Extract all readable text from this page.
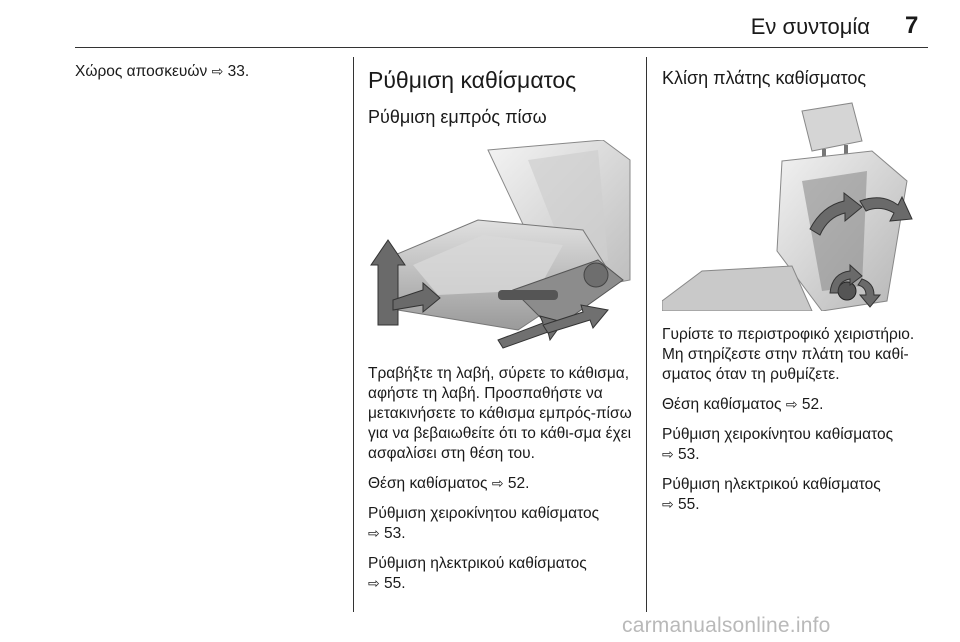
Εν συντομία 7

Χώρος αποσκευών ⇨ 33.	Ρύθμιση καθίσματος
Ρύθμιση εμπρός πίσω

Τραβήξτε τη λαβή, σύρετε το κάθισμα, αφήστε τη λαβή. Προσπαθήστε να μετακινήσετε το κάθισμα εμπρός-πίσω για να βεβαιωθείτε ότι το κάθι-σμα έχει ασφαλίσει στη θέση του.

Θέση καθίσματος ⇨ 52.

Ρύθμιση χειροκίνητου καθίσματος
⇨ 53.

Ρύθμιση ηλεκτρικού καθίσματος
⇨ 55.

Κλίση πλάτης καθίσματος

Γυρίστε το περιστροφικό χειριστήριο. Μη στηρίζεστε στην πλάτη του καθί-σματος όταν τη ρυθμίζετε.

Θέση καθίσματος ⇨ 52.

Ρύθμιση χειροκίνητου καθίσματος
⇨ 53.

Ρύθμιση ηλεκτρικού καθίσματος
⇨ 55.

carmanualsonline.info
